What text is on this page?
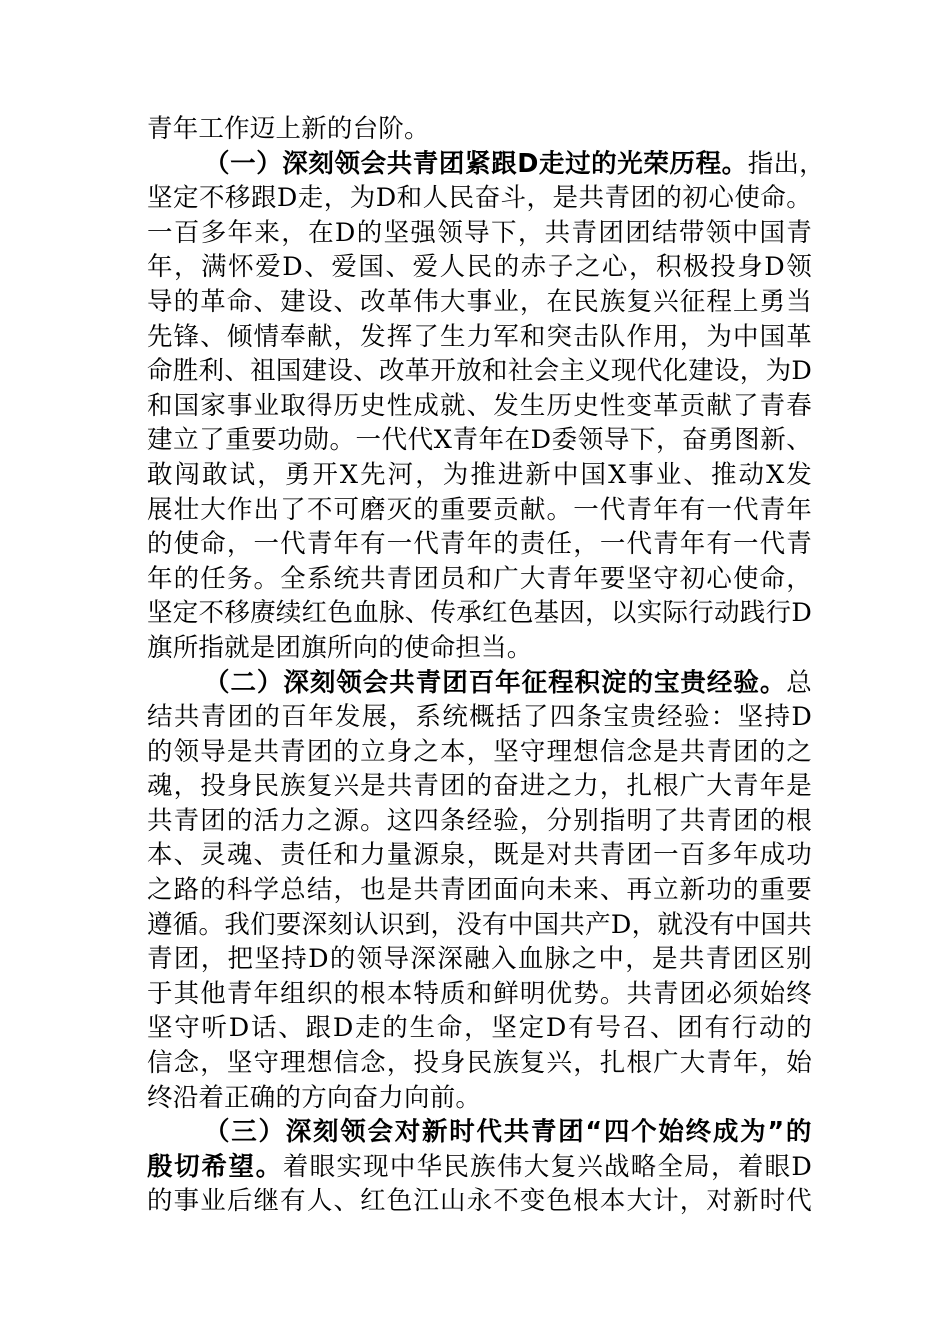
青年工作迈上新的台阶。
（一）深刻领会共青团紧跟D走过的光荣历程。指出，
坚定不移跟D走，为D和人民奋斗，是共青团的初心使命。
一百多年来，在D的坚强领导下，共青团团结带领中国青
年，满怀爱D、爱国、爱人民的赤子之心，积极投身D领
导的革命、建设、改革伟大事业，在民族复兴征程上勇当
先锋、倾情奉献，发挥了生力军和突击队作用，为中国革
命胜利、祖国建设、改革开放和社会主义现代化建设，为D
和国家事业取得历史性成就、发生历史性变革贡献了青春
建立了重要功勋。一代代X青年在D委领导下，奋勇图新、
敢闯敢试，勇开X先河，为推进新中国X事业、推动X发
展壮大作出了不可磨灭的重要贡献。一代青年有一代青年
的使命，一代青年有一代青年的责任，一代青年有一代青
年的任务。全系统共青团员和广大青年要坚守初心使命，
坚定不移赓续红色血脉、传承红色基因，以实际行动践行D
旗所指就是团旗所向的使命担当。
（二）深刻领会共青团百年征程积淀的宝贵经验。总
结共青团的百年发展，系统概括了四条宝贵经验：坚持D
的领导是共青团的立身之本，坚守理想信念是共青团的之
魂，投身民族复兴是共青团的奋进之力，扎根广大青年是
共青团的活力之源。这四条经验，分别指明了共青团的根
本、灵魂、责任和力量源泉，既是对共青团一百多年成功
之路的科学总结，也是共青团面向未来、再立新功的重要
遵循。我们要深刻认识到，没有中国共产D，就没有中国共
青团，把坚持D的领导深深融入血脉之中，是共青团区别
于其他青年组织的根本特质和鲜明优势。共青团必须始终
坚守听D话、跟D走的生命，坚定D有号召、团有行动的
信念，坚守理想信念，投身民族复兴，扎根广大青年，始
终沿着正确的方向奋力向前。
（三）深刻领会对新时代共青团“四个始终成为”的
殷切希望。着眼实现中华民族伟大复兴战略全局，着眼D
的事业后继有人、红色江山永不变色根本大计，对新时代
